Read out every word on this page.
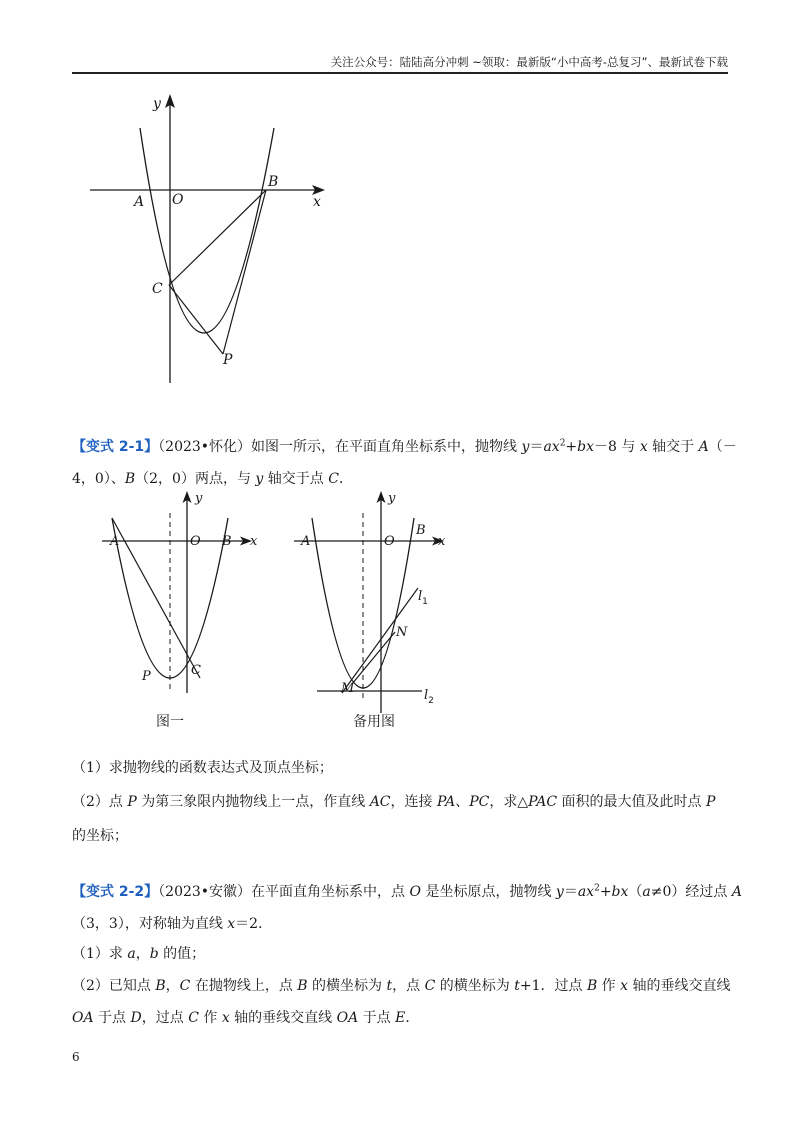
关注公众号：陆陆高分冲刺 ~领取：最新版“小中高考-总复习”、最新试卷下载
y
x
A O
B
C
P
【变式 2-1】（2023•怀化）如图一所示，在平面直角坐标系中，抛物线 $y=ax^2+bx-8$ 与 x 轴交于 A（－
4，0）、B（2，0）两点，与 y 轴交于点 C．
y
x
A	O B
C
P
图一
y
x
A	O
B
N
M
$l_1$
$l_2$
备用图
（1）求抛物线的函数表达式及顶点坐标；
（2）点 P 为第三象限内抛物线上一点，作直线 AC，连接 PA、PC，求△PAC 面积的最大值及此时点 P
的坐标；
【变式 2-2】（2023•安徽）在平面直角坐标系中，点 O 是坐标原点，抛物线 $y=ax^2+bx(a\ne 0)$经过点 A
（3，3），对称轴为直线 x＝2．
（1）求 a，b 的值；
（2）已知点 B，C 在抛物线上，点 B 的横坐标为 t，点 C 的横坐标为 t+1．过点 B 作 x 轴的垂线交直线
OA 于点 D，过点 C 作 x 轴的垂线交直线 OA 于点 E．
6
